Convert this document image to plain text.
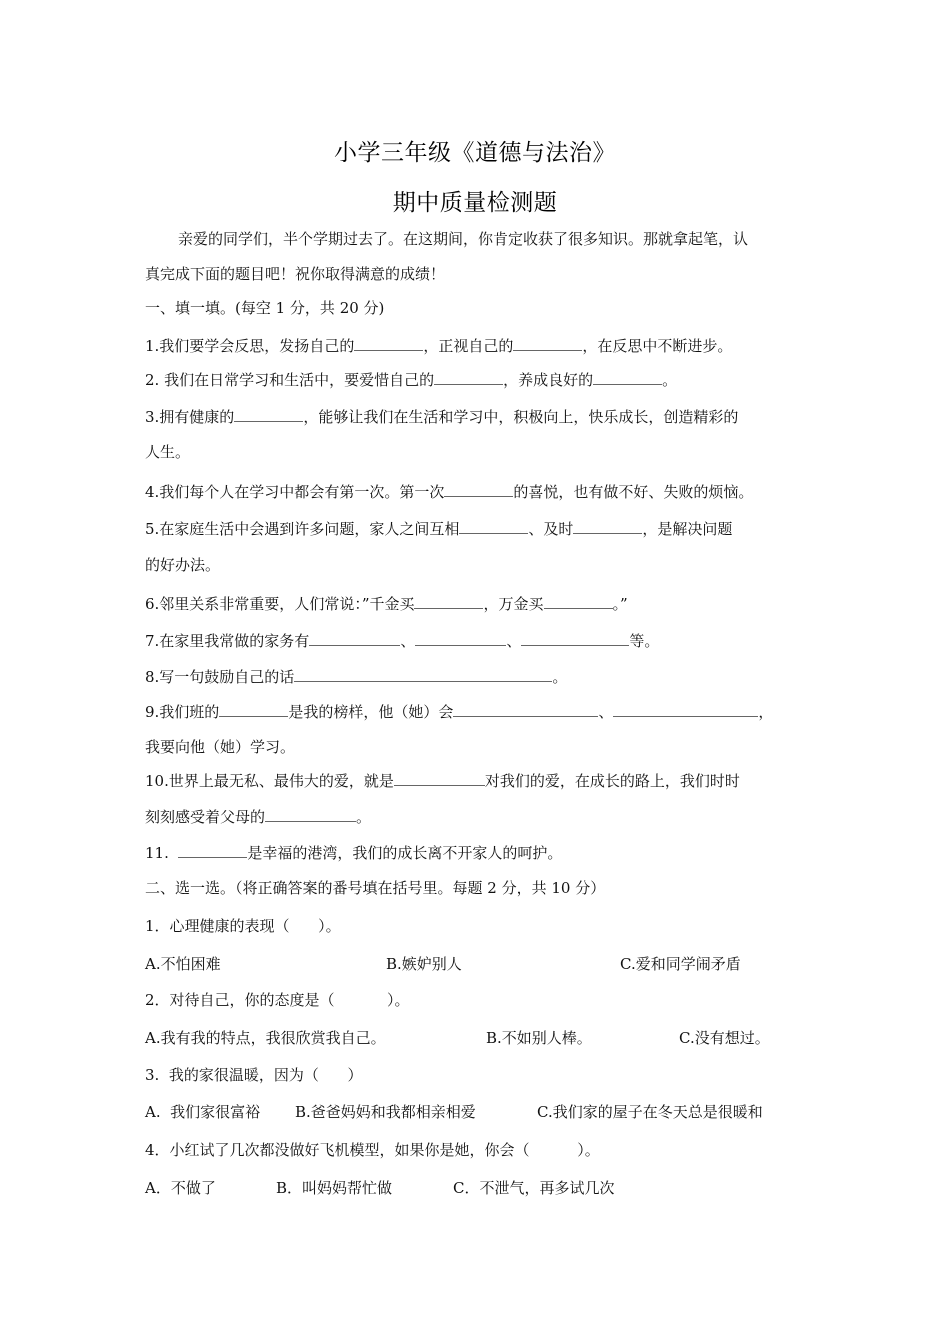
小学三年级《道德与法治》
期中质量检测题
亲爱的同学们，半个学期过去了。在这期间，你肯定收获了很多知识。那就拿起笔，认
真完成下面的题目吧！祝你取得满意的成绩！
一、填一填。(每空 1 分，共 20 分)
1.我们要学会反思，发扬自己的	，正视自己的	，在反思中不断进步。
2. 我们在日常学习和生活中，要爱惜自己的	，养成良好的	。
3.拥有健康的	，能够让我们在生活和学习中，积极向上，快乐成长，创造精彩的
人生。
4.我们每个人在学习中都会有第一次。第一次	的喜悦，也有做不好、失败的烦恼。
5.在家庭生活中会遇到许多问题，家人之间互相	、及时	，是解决问题
的好办法。
6.邻里关系非常重要，人们常说：”千金买	，万金买	。”
7.在家里我常做的家务有	、	、	等。
8.写一句鼓励自己的话	。
9.我们班的	是我的榜样，他（她）会	、	，
我要向他（她）学习。
10.世界上最无私、最伟大的爱，就是	对我们的爱，在成长的路上，我们时时
刻刻感受着父母的	。
11.	是幸福的港湾，我们的成长离不开家人的呵护。
二、选一选。（将正确答案的番号填在括号里。每题 2 分，共 10 分）
1．心理健康的表现（      ）。
A.不怕困难	B.嫉妒别人	C.爱和同学闹矛盾
2．对待自己，你的态度是（           ）。
A.我有我的特点，我很欣赏我自己。	B.不如别人棒。	C.没有想过。
3.  我的家很温暖，因为（      ）
A.  我们家很富裕 B.爸爸妈妈和我都相亲相爱	C.我们家的屋子在冬天总是很暖和
4．小红试了几次都没做好飞机模型，如果你是她，你会（          ）。
A．不做了	B．叫妈妈帮忙做	C．不泄气，再多试几次
